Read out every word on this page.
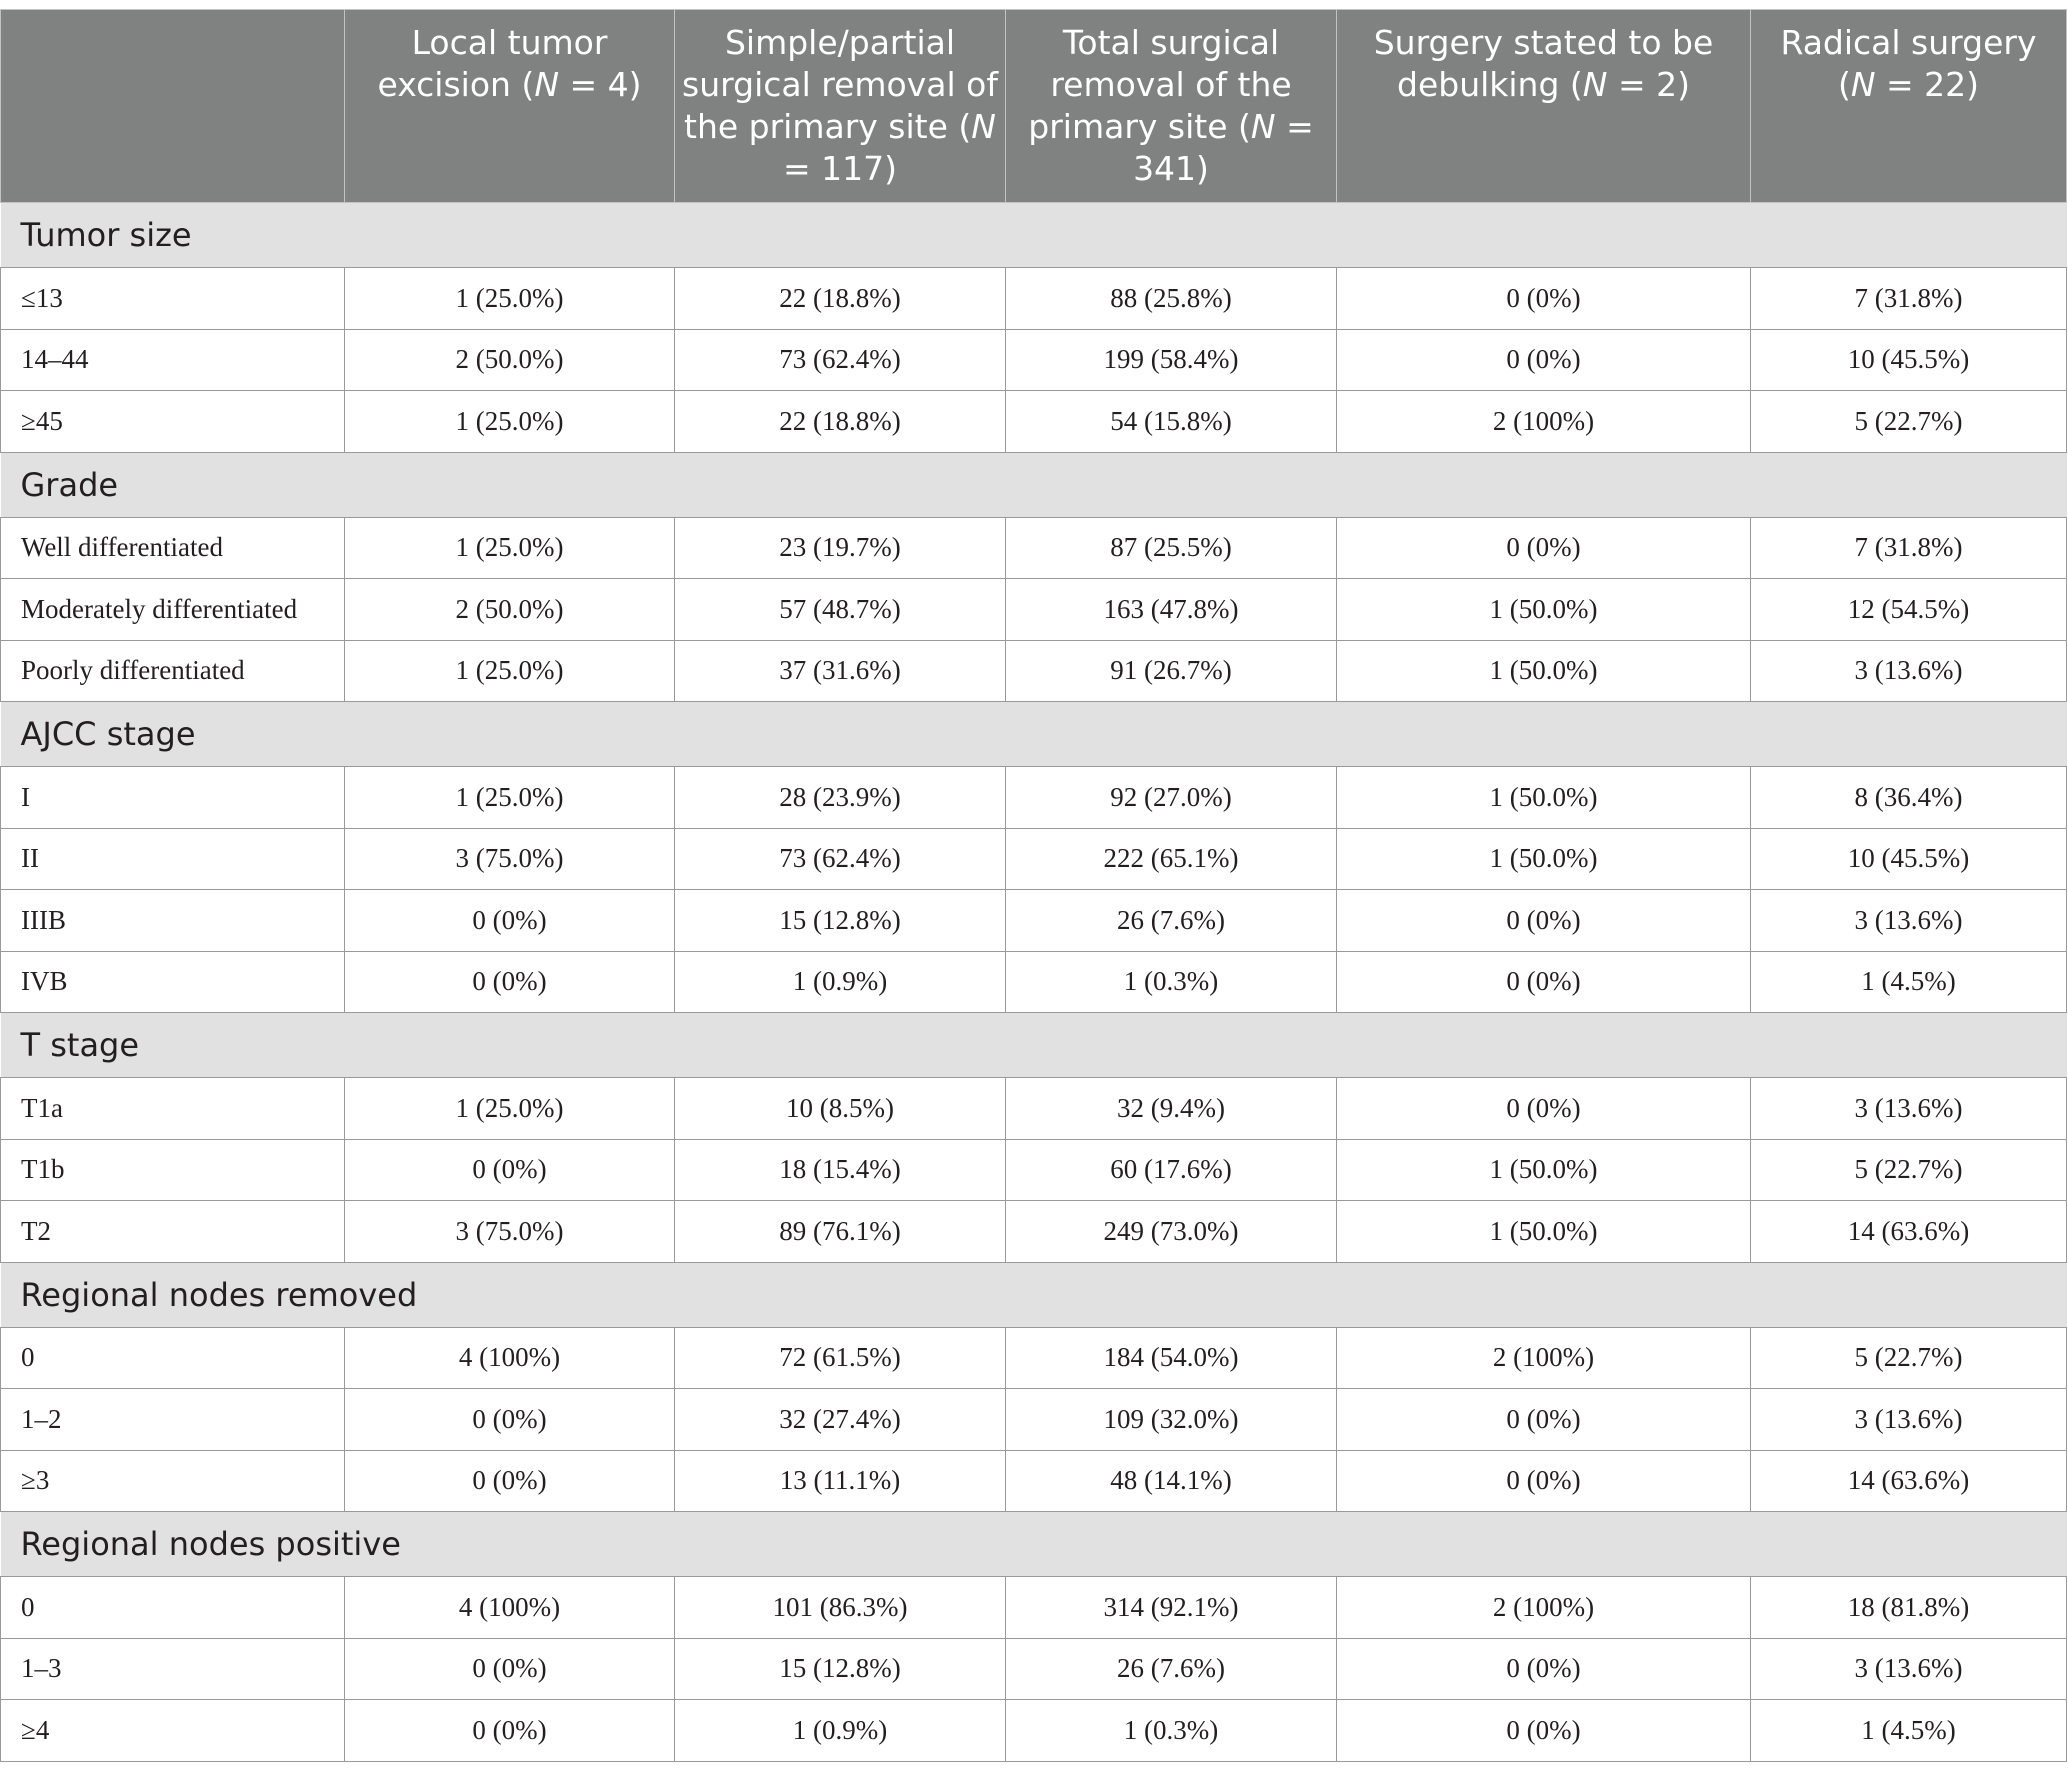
	Local tumor excision (N = 4)	Simple/partial surgical removal of the primary site (N = 117)	Total surgical removal of the primary site (N = 341)	Surgery stated to be debulking (N = 2)	Radical surgery (N = 22)
Tumor size					
≤13	1 (25.0%)	22 (18.8%)	88 (25.8%)	0 (0%)	7 (31.8%)
14–44	2 (50.0%)	73 (62.4%)	199 (58.4%)	0 (0%)	10 (45.5%)
≥45	1 (25.0%)	22 (18.8%)	54 (15.8%)	2 (100%)	5 (22.7%)
Grade					
Well differentiated	1 (25.0%)	23 (19.7%)	87 (25.5%)	0 (0%)	7 (31.8%)
Moderately differentiated	2 (50.0%)	57 (48.7%)	163 (47.8%)	1 (50.0%)	12 (54.5%)
Poorly differentiated	1 (25.0%)	37 (31.6%)	91 (26.7%)	1 (50.0%)	3 (13.6%)
AJCC stage					
I	1 (25.0%)	28 (23.9%)	92 (27.0%)	1 (50.0%)	8 (36.4%)
II	3 (75.0%)	73 (62.4%)	222 (65.1%)	1 (50.0%)	10 (45.5%)
IIIB	0 (0%)	15 (12.8%)	26 (7.6%)	0 (0%)	3 (13.6%)
IVB	0 (0%)	1 (0.9%)	1 (0.3%)	0 (0%)	1 (4.5%)
T stage					
T1a	1 (25.0%)	10 (8.5%)	32 (9.4%)	0 (0%)	3 (13.6%)
T1b	0 (0%)	18 (15.4%)	60 (17.6%)	1 (50.0%)	5 (22.7%)
T2	3 (75.0%)	89 (76.1%)	249 (73.0%)	1 (50.0%)	14 (63.6%)
Regional nodes removed					
0	4 (100%)	72 (61.5%)	184 (54.0%)	2 (100%)	5 (22.7%)
1–2	0 (0%)	32 (27.4%)	109 (32.0%)	0 (0%)	3 (13.6%)
≥3	0 (0%)	13 (11.1%)	48 (14.1%)	0 (0%)	14 (63.6%)
Regional nodes positive					
0	4 (100%)	101 (86.3%)	314 (92.1%)	2 (100%)	18 (81.8%)
1–3	0 (0%)	15 (12.8%)	26 (7.6%)	0 (0%)	3 (13.6%)
≥4	0 (0%)	1 (0.9%)	1 (0.3%)	0 (0%)	1 (4.5%)
